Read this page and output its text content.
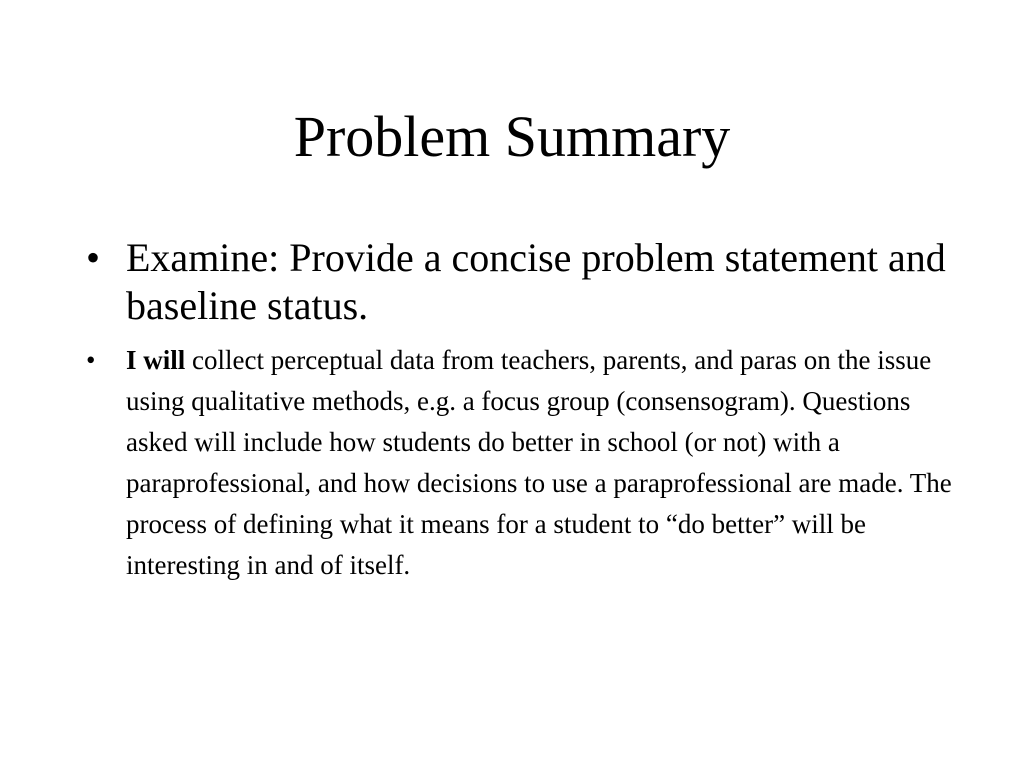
Problem Summary
• Examine: Provide a concise problem statement and baseline status.
• I will collect perceptual data from teachers, parents, and paras on the issue using qualitative methods, e.g. a focus group (consensogram). Questions asked will include how students do better in school (or not) with a paraprofessional, and how decisions to use a paraprofessional are made. The process of defining what it means for a student to “do better” will be interesting in and of itself.
